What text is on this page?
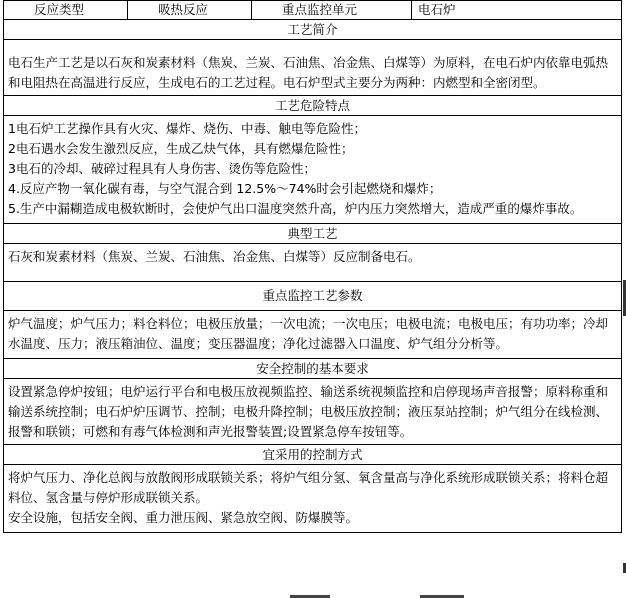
反应类型	吸热反应	重点监控单元	电石炉
工艺简介

电石生产工艺是以石灰和炭素材料（焦炭、兰炭、石油焦、冶金焦、白煤等）为原料，在电石炉内依靠电弧热和电阻热在高温进行反应，生成电石的工艺过程。电石炉型式主要分为两种：内燃型和全密闭型。

工艺危险特点

1电石炉工艺操作具有火灾、爆炸、烧伤、中毒、触电等危险性；

2电石遇水会发生激烈反应，生成乙炔气体，具有燃爆危险性；

3电石的冷却、破碎过程具有人身伤害、烫伤等危险性；

4.反应产物一氧化碳有毒，与空气混合到 12.5%～74%时会引起燃烧和爆炸；

5.生产中漏糊造成电极软断时，会使炉气出口温度突然升高，炉内压力突然增大，造成严重的爆炸事故。

典型工艺

石灰和炭素材料（焦炭、兰炭、石油焦、冶金焦、白煤等）反应制备电石。

重点监控工艺参数

炉气温度；炉气压力；料仓料位；电极压放量；一次电流；一次电压；电极电流；电极电压；有功功率；冷却水温度、压力；液压箱油位、温度；变压器温度；净化过滤器入口温度、炉气组分分析等。

安全控制的基本要求

设置紧急停炉按钮；电炉运行平台和电极压放视频监控、输送系统视频监控和启停现场声音报警；原料称重和输送系统控制；电石炉炉压调节、控制；电极升降控制；电极压放控制；液压泵站控制；炉气组分在线检测、报警和联锁；可燃和有毒气体检测和声光报警装置;设置紧急停车按钮等。

宜采用的控制方式

将炉气压力、净化总阀与放散阀形成联锁关系；将炉气组分氢、氧含量高与净化系统形成联锁关系；将料仓超料位、氢含量与停炉形成联锁关系。

安全设施，包括安全阀、重力泄压阀、紧急放空阀、防爆膜等。
